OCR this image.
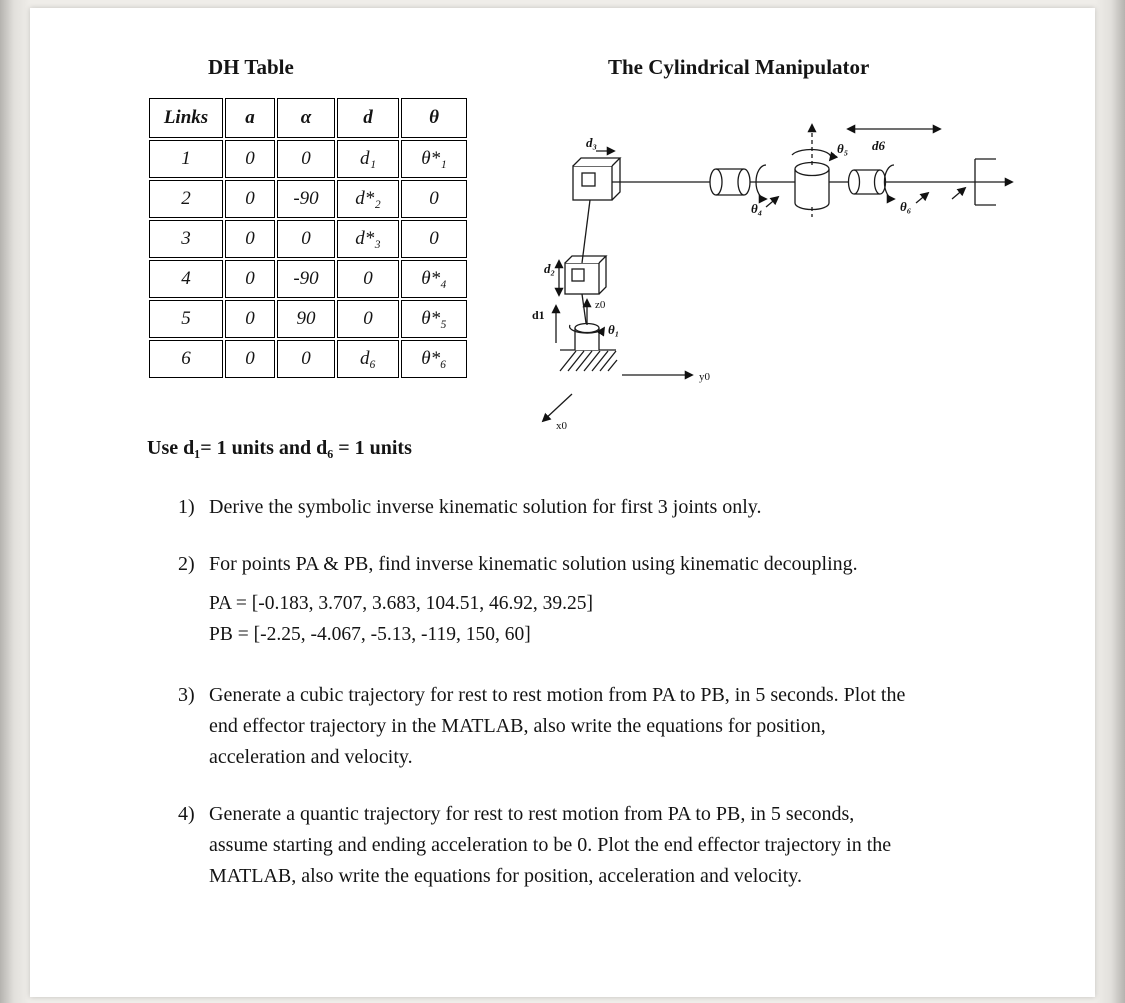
DH Table	The Cylindrical Manipulator
Links	a	α	d	θ
1	0	0	d₁	θ*₁
2	0	-90	d*₂	0
3	0	0	d*₃	0
4	0	-90	0	θ*₄
5	0	90	0	θ*₅
6	0	0	d₆	θ*₆
Use d₁= 1 units and d₆ = 1 units
d₃
d₂
d1
θ₁
z0
y0
x0
θ₄
θ₅ d6
θ₆
1) Derive the symbolic inverse kinematic solution for first 3 joints only.
2) For points PA & PB, find inverse kinematic solution using kinematic decoupling.
PA = [-0.183, 3.707, 3.683, 104.51, 46.92, 39.25]
PB = [-2.25, -4.067, -5.13, -119, 150, 60]
3) Generate a cubic trajectory for rest to rest motion from PA to PB, in 5 seconds. Plot the end effector trajectory in the MATLAB, also write the equations for position, acceleration and velocity.
4) Generate a quantic trajectory for rest to rest motion from PA to PB, in 5 seconds, assume starting and ending acceleration to be 0. Plot the end effector trajectory in the MATLAB, also write the equations for position, acceleration and velocity.
